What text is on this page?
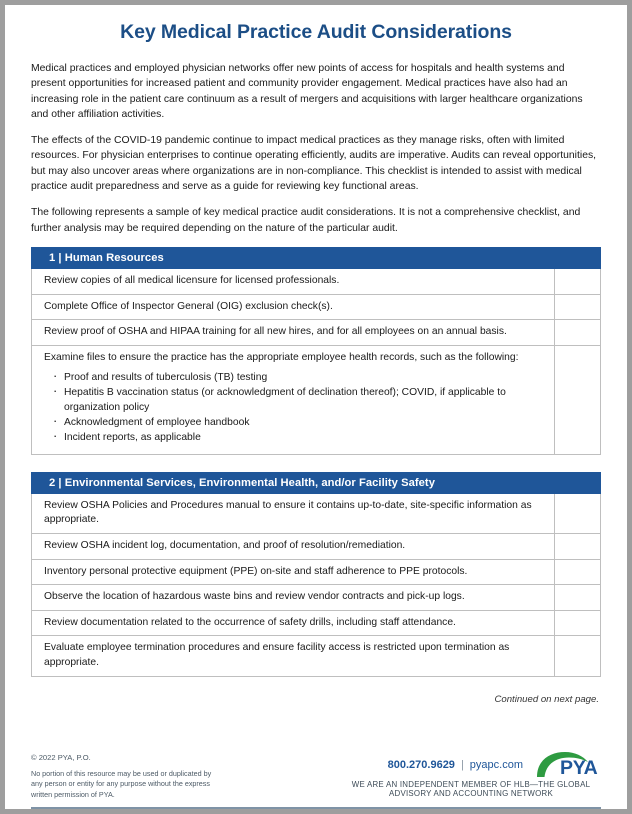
Key Medical Practice Audit Considerations

Medical practices and employed physician networks offer new points of access for hospitals and health systems and present opportunities for increased patient and community provider engagement. Medical practices have also had an increasing role in the patient care continuum as a result of mergers and acquisitions with larger healthcare organizations and other affiliation activities.

The effects of the COVID-19 pandemic continue to impact medical practices as they manage risks, often with limited resources. For physician enterprises to continue operating efficiently, audits are imperative. Audits can reveal opportunities, but may also uncover areas where organizations are in non-compliance. This checklist is intended to assist with medical practice audit preparedness and serve as a guide for reviewing key functional areas.

The following represents a sample of key medical practice audit considerations. It is not a comprehensive checklist, and further analysis may be required depending on the nature of the particular audit.

1 | Human Resources
Review copies of all medical licensure for licensed professionals.	
Complete Office of Inspector General (OIG) exclusion check(s).	
Review proof of OSHA and HIPAA training for all new hires, and for all employees on an annual basis.	

Examine files to ensure the practice has the appropriate employee health records, such as the following:
· Proof and results of tuberculosis (TB) testing
· Hepatitis B vaccination status (or acknowledgment of declination thereof); COVID, if applicable to organization policy
· Acknowledgment of employee handbook
· Incident reports, as applicable

2 | Environmental Services, Environmental Health, and/or Facility Safety
Review OSHA Policies and Procedures manual to ensure it contains up-to-date, site-specific information as appropriate.	
Review OSHA incident log, documentation, and proof of resolution/remediation.	
Inventory personal protective equipment (PPE) on-site and staff adherence to PPE protocols.	
Observe the location of hazardous waste bins and review vendor contracts and pick-up logs.	
Review documentation related to the occurrence of safety drills, including staff attendance.	
Evaluate employee termination procedures and ensure facility access is restricted upon termination as appropriate.	
Continued on next page.
© 2022 PYA, P.O.
No portion of this resource may be used or duplicated by any person or entity for any purpose without the express written permission of PYA.
800.270.9629 | pyapc.com PYA
WE ARE AN INDEPENDENT MEMBER OF HLB—THE GLOBAL ADVISORY AND ACCOUNTING NETWORK
